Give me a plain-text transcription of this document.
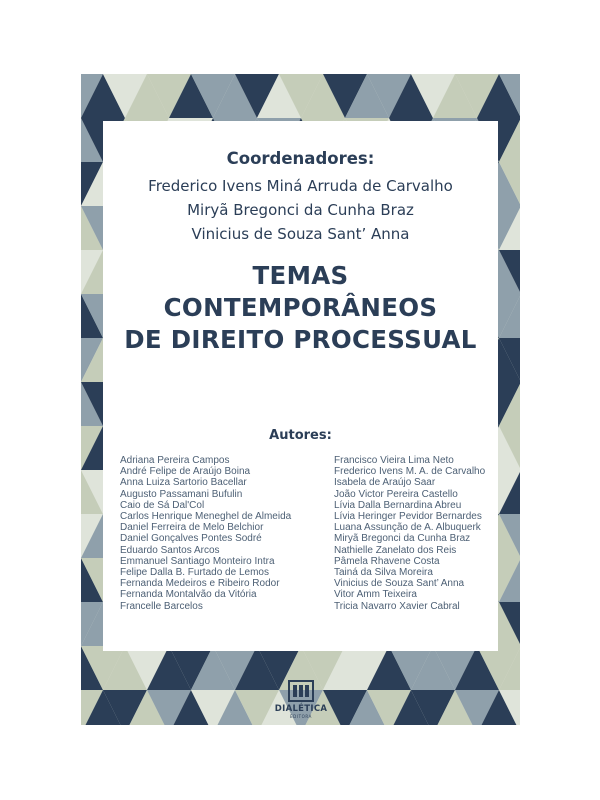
Coordenadores:
Frederico Ivens Miná Arruda de Carvalho
Miryã Bregonci da Cunha Braz
Vinicius de Souza Sant’ Anna
TEMAS
CONTEMPORÂNEOS
DE DIREITO PROCESSUAL
Autores:
Adriana Pereira Campos
André Felipe de Araújo Boina
Anna Luiza Sartorio Bacellar
Augusto Passamani Bufulin
Caio de Sá Dal'Col
Carlos Henrique Meneghel de Almeida
Daniel Ferreira de Melo Belchior
Daniel Gonçalves Pontes Sodré
Eduardo Santos Arcos
Emmanuel Santiago Monteiro Intra
Felipe Dalla B. Furtado de Lemos
Fernanda Medeiros e Ribeiro Rodor
Fernanda Montalvão da Vitória
Francelle Barcelos
Francisco Vieira Lima Neto
Frederico Ivens M. A. de Carvalho
Isabela de Araújo Saar
João Victor Pereira Castello
Lívia Dalla Bernardina Abreu
Lívia Heringer Pevidor Bernardes
Luana Assunção de A. Albuquerk
Miryã Bregonci da Cunha Braz
Nathielle Zanelato dos Reis
Pâmela Rhavene Costa
Tainá da Silva Moreira
Vinicius de Souza Sant’ Anna
Vitor Amm Teixeira
Tricia Navarro Xavier Cabral
DIALÉTICA
EDITORA
